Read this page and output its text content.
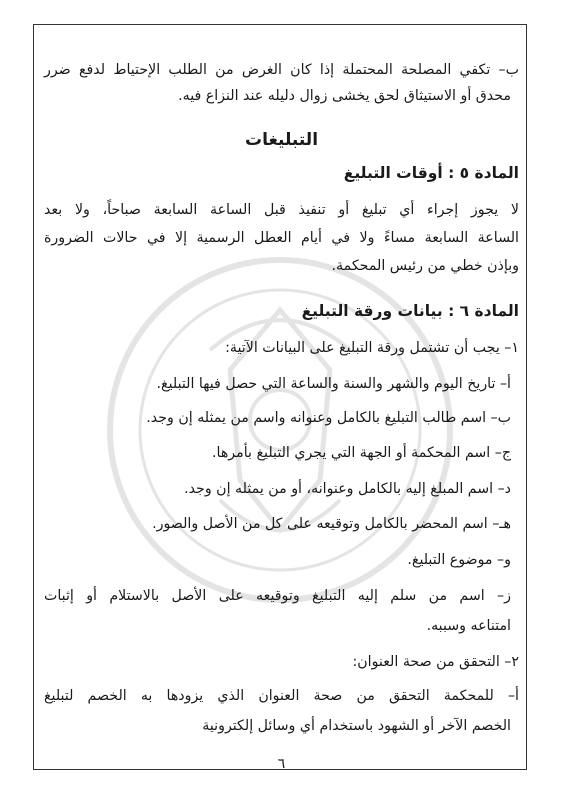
ب– تكفي المصلحة المحتملة إذا كان الغرض من الطلب الإحتياط لدفع ضرر
محدق أو الاستيثاق لحق يخشى زوال دليله عند النزاع فيه.
التبليغات
المادة ٥ : أوقات التبليغ
لا يجوز إجراء أي تبليغ أو تنفيذ قبل الساعة السابعة صباحاً، ولا بعد
الساعة السابعة مساءً ولا في أيام العطل الرسمية إلا في حالات الضرورة
وبإذن خطي من رئيس المحكمة.
المادة ٦ : بيانات ورقة التبليغ
١– يجب أن تشتمل ورقة التبليغ على البيانات الآتية:
أ– تاريخ اليوم والشهر والسنة والساعة التي حصل فيها التبليغ.
ب– اسم طالب التبليغ بالكامل وعنوانه واسم من يمثله إن وجد.
ج– اسم المحكمة أو الجهة التي يجري التبليغ بأمرها.
د– اسم المبلغ إليه بالكامل وعنوانه، أو من يمثله إن وجد.
هـ– اسم المحضر بالكامل وتوقيعه على كل من الأصل والصور.
و– موضوع التبليغ.
ز– اسم من سلم إليه التبليغ وتوقيعه على الأصل بالاستلام أو إثبات
امتناعه وسببه.
٢– التحقق من صحة العنوان:
أ– للمحكمة التحقق من صحة العنوان الذي يزودها به الخصم لتبليغ
الخصم الآخر أو الشهود باستخدام أي وسائل إلكترونية
٦
